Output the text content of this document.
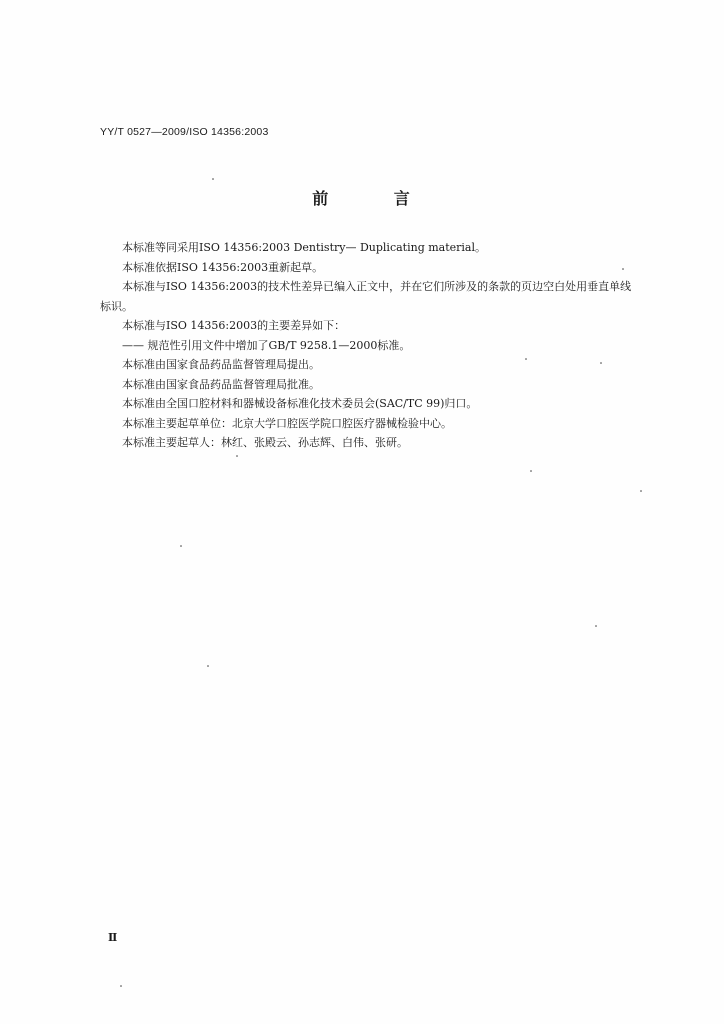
YY/T 0527—2009/ISO 14356:2003
前 言

本标准等同采用ISO 14356:2003 Dentistry— Duplicating material。

本标准依据ISO 14356:2003重新起草。

本标准与ISO 14356:2003的技术性差异已编入正文中，并在它们所涉及的条款的页边空白处用垂直单线标识。

本标准与ISO 14356:2003的主要差异如下：

—— 规范性引用文件中增加了GB/T 9258.1—2000标准。

本标准由国家食品药品监督管理局提出。

本标准由国家食品药品监督管理局批准。

本标准由全国口腔材料和器械设备标准化技术委员会(SAC/TC 99)归口。

本标准主要起草单位：北京大学口腔医学院口腔医疗器械检验中心。

本标准主要起草人：林红、张殿云、孙志辉、白伟、张研。

Ⅱ
